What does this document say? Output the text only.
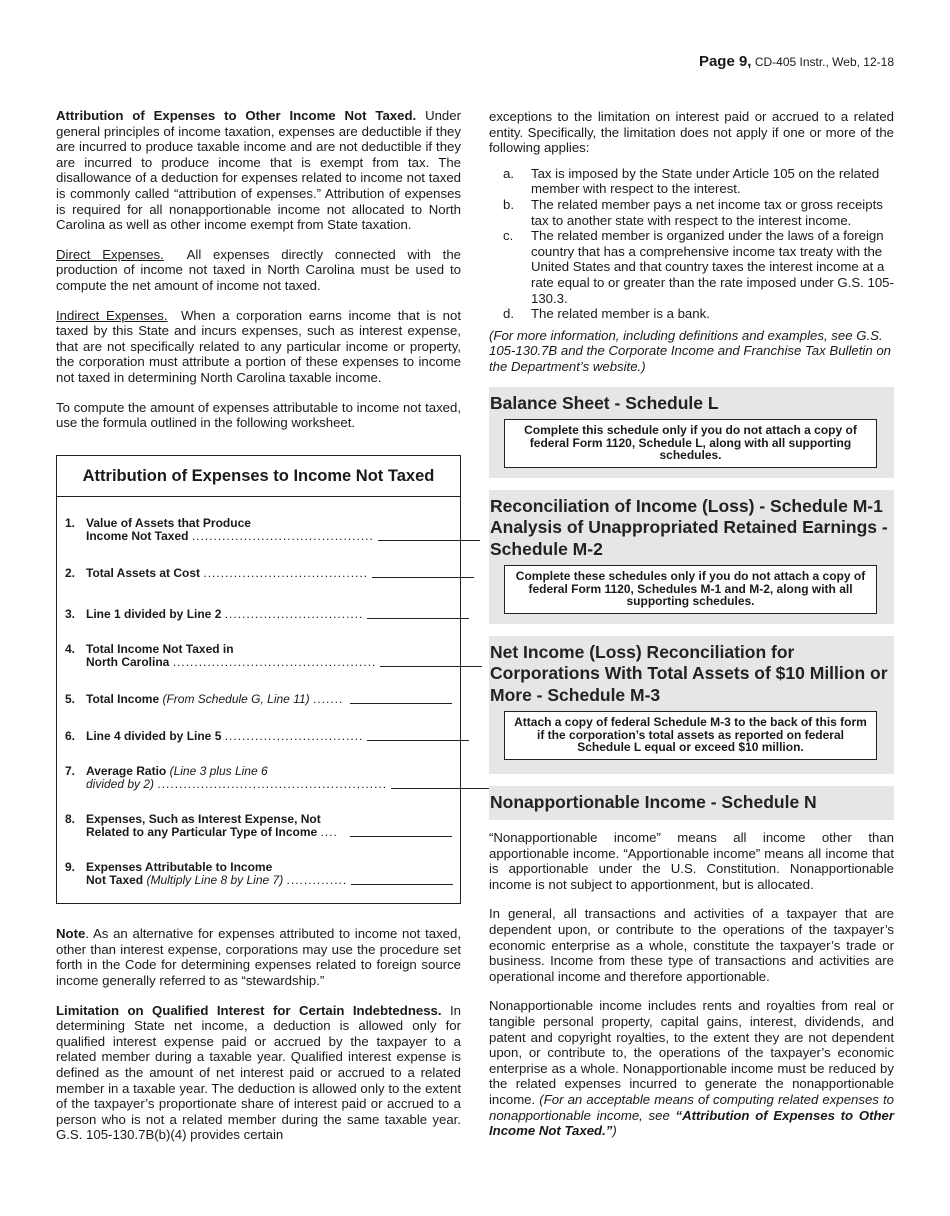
Page 9, CD-405 Instr., Web, 12-18

Attribution of Expenses to Other Income Not Taxed. Under general principles of income taxation, expenses are deductible if they are incurred to produce taxable income and are not deductible if they are incurred to produce income that is exempt from tax. The disallowance of a deduction for expenses related to income not taxed is commonly called “attribution of expenses.” Attribution of expenses is required for all nonapportionable income not allocated to North Carolina as well as other income exempt from State taxation.

Direct Expenses. All expenses directly connected with the production of income not taxed in North Carolina must be used to compute the net amount of income not taxed.

Indirect Expenses. When a corporation earns income that is not taxed by this State and incurs expenses, such as interest expense, that are not specifically related to any particular income or property, the corporation must attribute a portion of these expenses to income not taxed in determining North Carolina taxable income.

To compute the amount of expenses attributable to income not taxed, use the formula outlined in the following worksheet.

Attribution of Expenses to Income Not Taxed
1. Value of Assets that Produce
Income Not Taxed ..........................................
2. Total Assets at Cost ......................................
3. Line 1 divided by Line 2 ................................
4. Total Income Not Taxed in
North Carolina ...............................................
5. Total Income (From Schedule G, Line 11) .......
6. Line 4 divided by Line 5 ................................
7. Average Ratio (Line 3 plus Line 6
divided by 2) .....................................................
8. Expenses, Such as Interest Expense, Not
Related to any Particular Type of Income ....
9. Expenses Attributable to Income
Not Taxed (Multiply Line 8 by Line 7) ..............

Note. As an alternative for expenses attributed to income not taxed, other than interest expense, corporations may use the procedure set forth in the Code for determining expenses related to foreign source income generally referred to as “stewardship.”

Limitation on Qualified Interest for Certain Indebtedness. In determining State net income, a deduction is allowed only for qualified interest expense paid or accrued by the taxpayer to a related member during a taxable year. Qualified interest expense is defined as the amount of net interest paid or accrued to a related member in a taxable year. The deduction is allowed only to the extent of the taxpayer’s proportionate share of interest paid or accrued to a person who is not a related member during the same taxable year. G.S. 105-130.7B(b)(4) provides certain

exceptions to the limitation on interest paid or accrued to a related entity. Specifically, the limitation does not apply if one or more of the following applies:

a.	Tax is imposed by the State under Article 105 on the related member with respect to the interest.
b.	The related member pays a net income tax or gross receipts tax to another state with respect to the interest income.
c.	The related member is organized under the laws of a foreign country that has a comprehensive income tax treaty with the United States and that country taxes the interest income at a rate equal to or greater than the rate imposed under G.S. 105-130.3.
d.	The related member is a bank.

(For more information, including definitions and examples, see G.S. 105-130.7B and the Corporate Income and Franchise Tax Bulletin on the Department’s website.)

Balance Sheet - Schedule L
Complete this schedule only if you do not attach a copy of federal Form 1120, Schedule L, along with all supporting schedules.
Reconciliation of Income (Loss) - Schedule M-1 Analysis of Unappropriated Retained Earnings - Schedule M-2
Complete these schedules only if you do not attach a copy of federal Form 1120, Schedules M-1 and M-2, along with all supporting schedules.
Net Income (Loss) Reconciliation for Corporations With Total Assets of $10 Million or More - Schedule M-3
Attach a copy of federal Schedule M-3 to the back of this form if the corporation’s total assets as reported on federal Schedule L equal or exceed $10 million.
Nonapportionable Income - Schedule N

“Nonapportionable income” means all income other than apportionable income. “Apportionable income” means all income that is apportionable under the U.S. Constitution. Nonapportionable income is not subject to apportionment, but is allocated.

In general, all transactions and activities of a taxpayer that are dependent upon, or contribute to the operations of the taxpayer’s economic enterprise as a whole, constitute the taxpayer’s trade or business. Income from these type of transactions and activities are operational income and therefore apportionable.

Nonapportionable income includes rents and royalties from real or tangible personal property, capital gains, interest, dividends, and patent and copyright royalties, to the extent they are not dependent upon, or contribute to, the operations of the taxpayer’s economic enterprise as a whole. Nonapportionable income must be reduced by the related expenses incurred to generate the nonapportionable income. (For an acceptable means of computing related expenses to nonapportionable income, see “Attribution of Expenses to Other Income Not Taxed.”)
